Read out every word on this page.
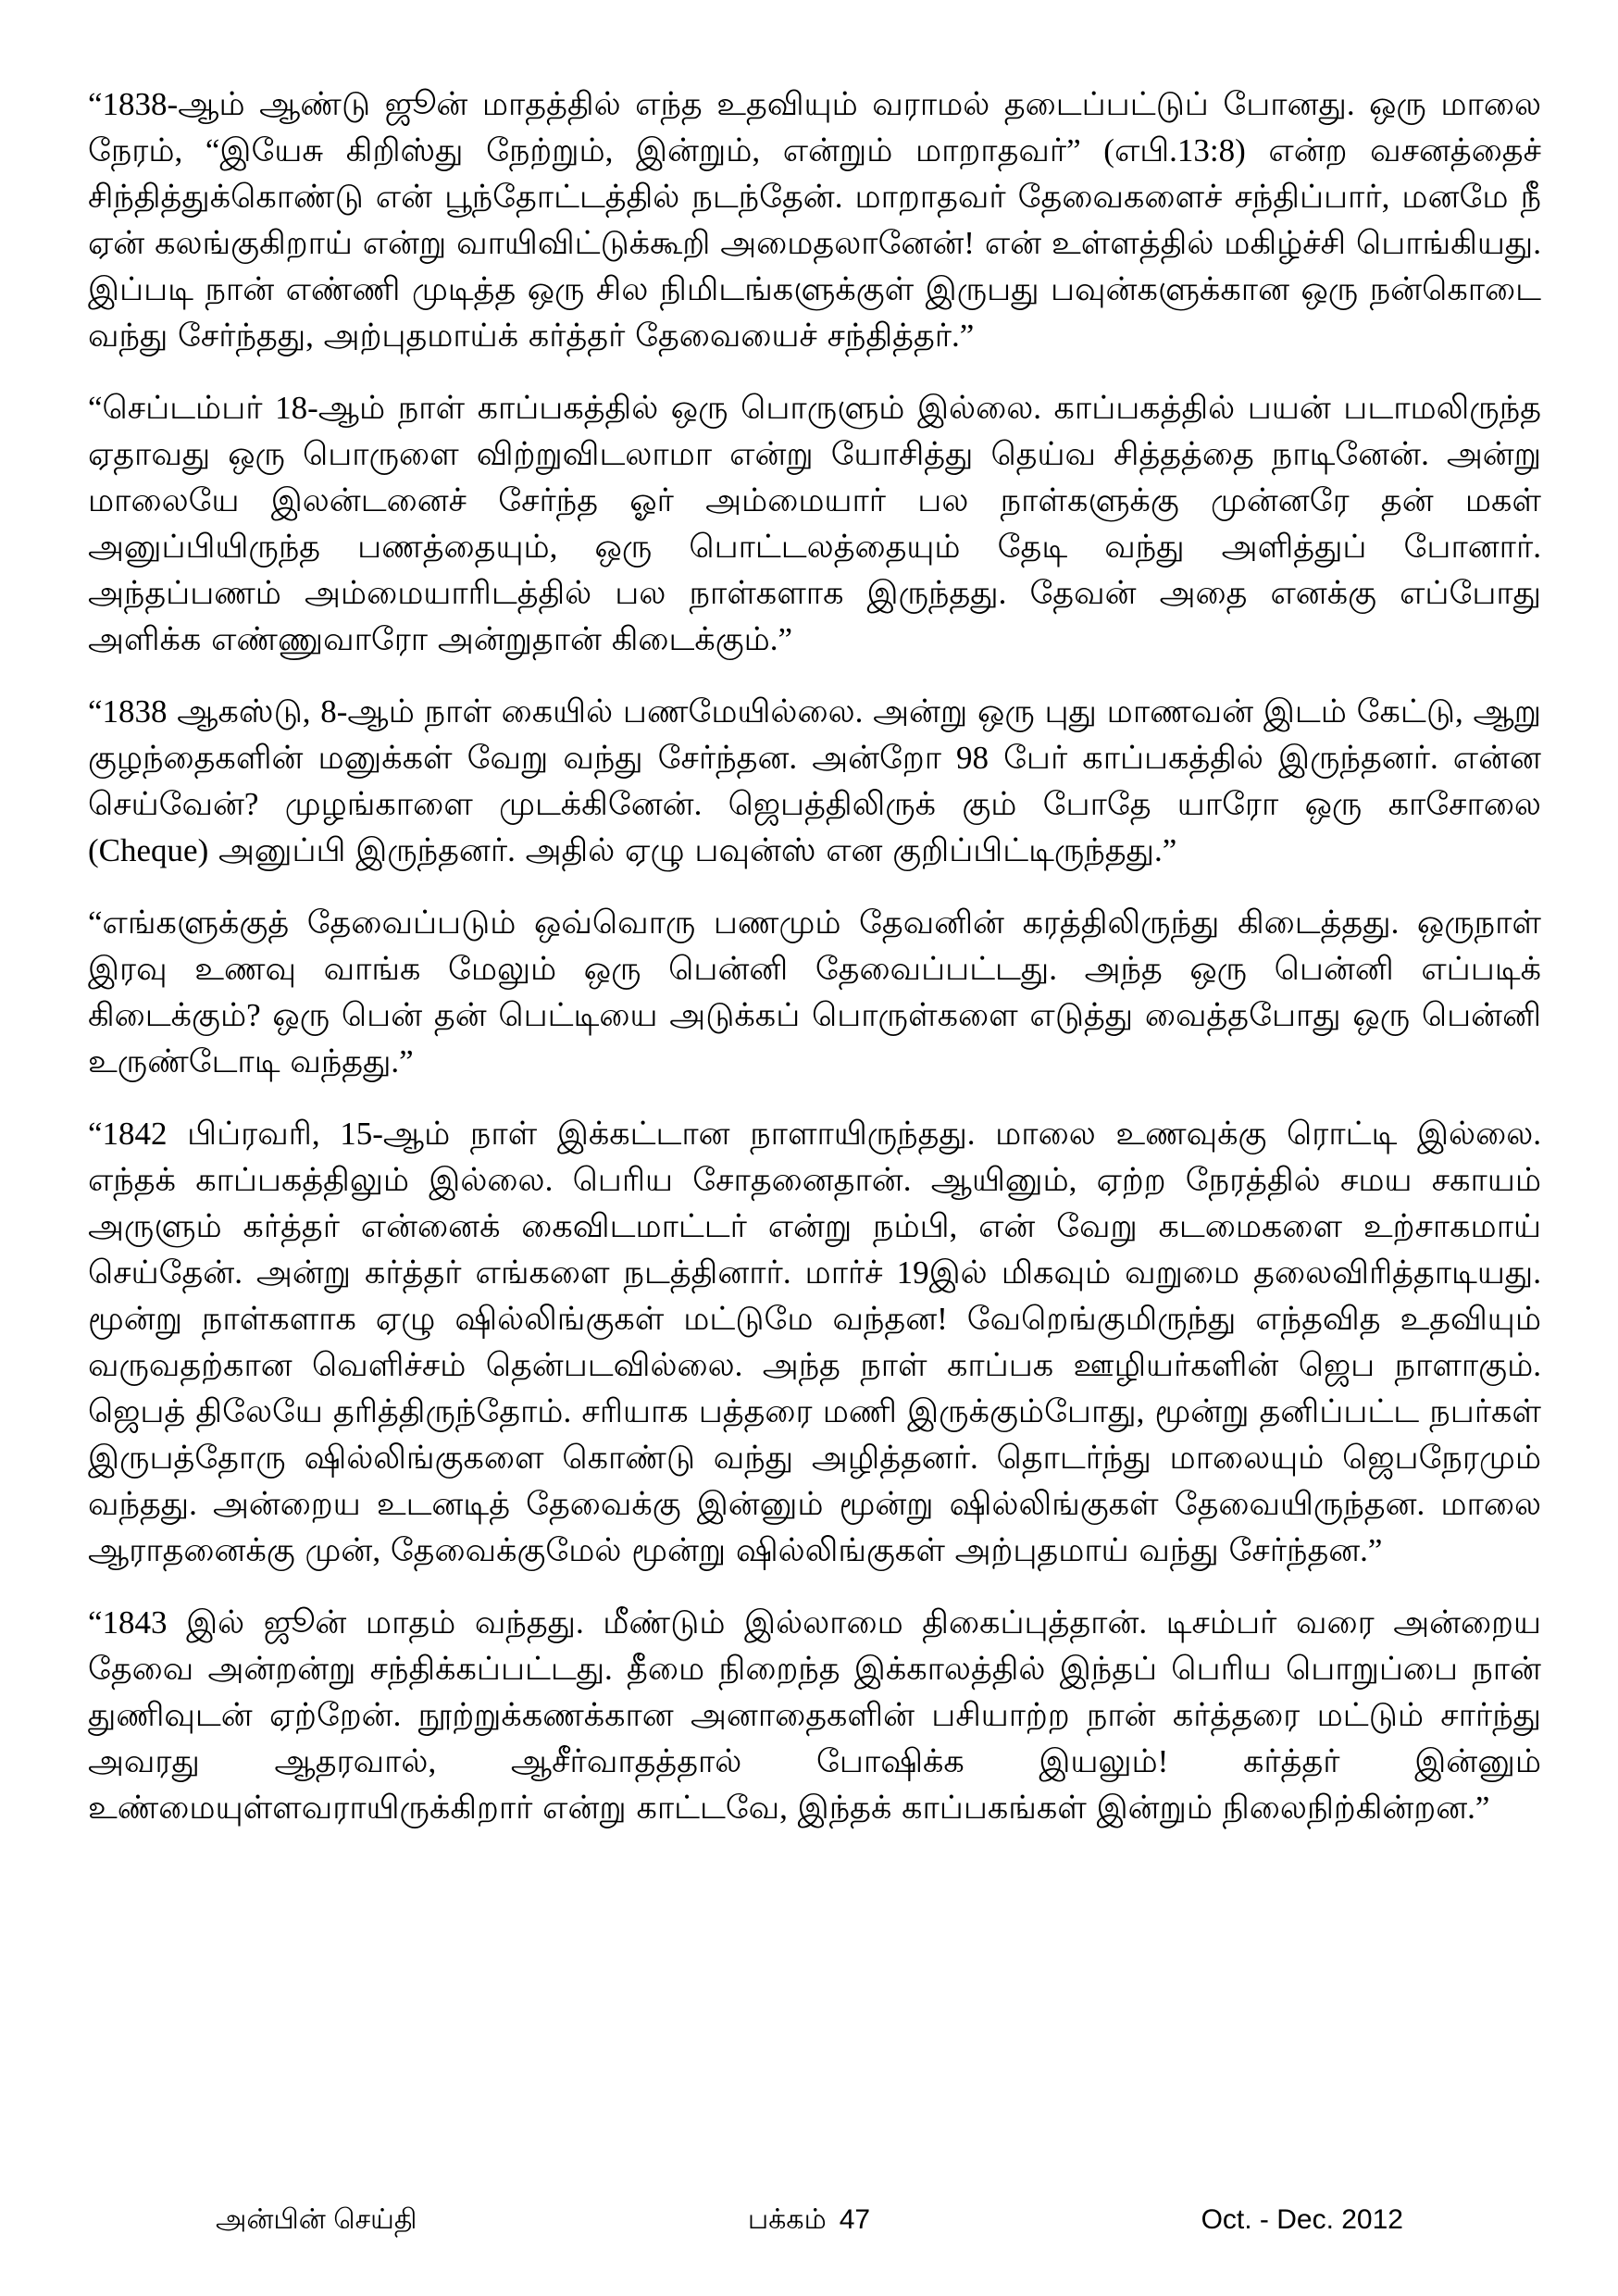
“1838-ஆம் ஆண்டு ஜூன் மாதத்தில் எந்த உதவியும் வராமல் தடைப்பட்டுப் போனது. ஒரு மாலை நேரம், “இயேசு கிறிஸ்து நேற்றும், இன்றும், என்றும் மாறாதவர்” (எபி.13:8) என்ற வசனத்தைச் சிந்தித்துக்கொண்டு என் பூந்தோட்டத்தில் நடந்தேன். மாறாதவர் தேவைகளைச் சந்திப்பார், மனமே நீ ஏன் கலங்குகிறாய் என்று வாயிவிட்டுக்கூறி அமைதலானேன்! என் உள்ளத்தில் மகிழ்ச்சி பொங்கியது. இப்படி நான் எண்ணி முடித்த ஒரு சில நிமிடங்களுக்குள் இருபது பவுன்களுக்கான ஒரு நன்கொடை வந்து சேர்ந்தது, அற்புதமாய்க் கர்த்தர் தேவையைச் சந்தித்தர்.”

“செப்டம்பர் 18-ஆம் நாள் காப்பகத்தில் ஒரு பொருளும் இல்லை. காப்பகத்தில் பயன் படாமலிருந்த ஏதாவது ஒரு பொருளை விற்றுவிடலாமா என்று யோசித்து தெய்வ சித்தத்தை நாடினேன். அன்று மாலையே இலன்டனைச் சேர்ந்த ஓர் அம்மையார் பல நாள்களுக்கு முன்னரே தன் மகள் அனுப்பியிருந்த பணத்தையும், ஒரு பொட்டலத்தையும் தேடி வந்து அளித்துப் போனார். அந்தப்பணம் அம்மையாரிடத்தில் பல நாள்களாக இருந்தது. தேவன் அதை எனக்கு எப்போது அளிக்க எண்ணுவாரோ அன்றுதான் கிடைக்கும்.”

“1838 ஆகஸ்டு, 8-ஆம் நாள் கையில் பணமேயில்லை. அன்று ஒரு புது மாணவன் இடம் கேட்டு, ஆறு குழந்தைகளின் மனுக்கள் வேறு வந்து சேர்ந்தன. அன்றோ 98 பேர் காப்பகத்தில் இருந்தனர். என்ன செய்வேன்? முழங்காளை முடக்கினேன். ஜெபத்திலிருக் கும் போதே யாரோ ஒரு காசோலை (Cheque) அனுப்பி இருந்தனர். அதில் ஏழு பவுன்ஸ் என குறிப்பிட்டிருந்தது.”

“எங்களுக்குத் தேவைப்படும் ஒவ்வொரு பணமும் தேவனின் கரத்திலிருந்து கிடைத்தது. ஒருநாள் இரவு உணவு வாங்க மேலும் ஒரு பென்னி தேவைப்பட்டது. அந்த ஒரு பென்னி எப்படிக் கிடைக்கும்? ஒரு பென் தன் பெட்டியை அடுக்கப் பொருள்களை எடுத்து வைத்தபோது ஒரு பென்னி உருண்டோடி வந்தது.”

“1842 பிப்ரவரி, 15-ஆம் நாள் இக்கட்டான நாளாயிருந்தது. மாலை உணவுக்கு ரொட்டி இல்லை. எந்தக் காப்பகத்திலும் இல்லை. பெரிய சோதனைதான். ஆயினும், ஏற்ற நேரத்தில் சமய சகாயம் அருளும் கர்த்தர் என்னைக் கைவிடமாட்டர் என்று நம்பி, என் வேறு கடமைகளை உற்சாகமாய் செய்தேன். அன்று கர்த்தர் எங்களை நடத்தினார். மார்ச் 19இல் மிகவும் வறுமை தலைவிரித்தாடியது. மூன்று நாள்களாக ஏழு ஷில்லிங்குகள் மட்டுமே வந்தன! வேறெங்குமிருந்து எந்தவித உதவியும் வருவதற்கான வெளிச்சம் தென்படவில்லை. அந்த நாள் காப்பக ஊழியர்களின் ஜெப நாளாகும். ஜெபத் திலேயே தரித்திருந்தோம். சரியாக பத்தரை மணி இருக்கும்போது, மூன்று தனிப்பட்ட நபர்கள் இருபத்தோரு ஷில்லிங்குகளை கொண்டு வந்து அழித்தனர். தொடர்ந்து மாலையும் ஜெபநேரமும் வந்தது. அன்றைய உடனடித் தேவைக்கு இன்னும் மூன்று ஷில்லிங்குகள் தேவையிருந்தன. மாலை ஆராதனைக்கு முன், தேவைக்குமேல் மூன்று ஷில்லிங்குகள் அற்புதமாய் வந்து சேர்ந்தன.”

“1843 இல் ஜூன் மாதம் வந்தது. மீண்டும் இல்லாமை திகைப்புத்தான். டிசம்பர் வரை அன்றைய தேவை அன்றன்று சந்திக்கப்பட்டது. தீமை நிறைந்த இக்காலத்தில் இந்தப் பெரிய பொறுப்பை நான் துணிவுடன் ஏற்றேன். நூற்றுக்கணக்கான அனாதைகளின் பசியாற்ற நான் கர்த்தரை மட்டும் சார்ந்து அவரது ஆதரவால், ஆசீர்வாதத்தால் போஷிக்க இயலும்! கர்த்தர் இன்னும் உண்மையுள்ளவராயிருக்கிறார் என்று காட்டவே, இந்தக் காப்பகங்கள் இன்றும் நிலைநிற்கின்றன.”

அன்பின் செய்தி	பக்கம் 47	Oct. - Dec. 2012
